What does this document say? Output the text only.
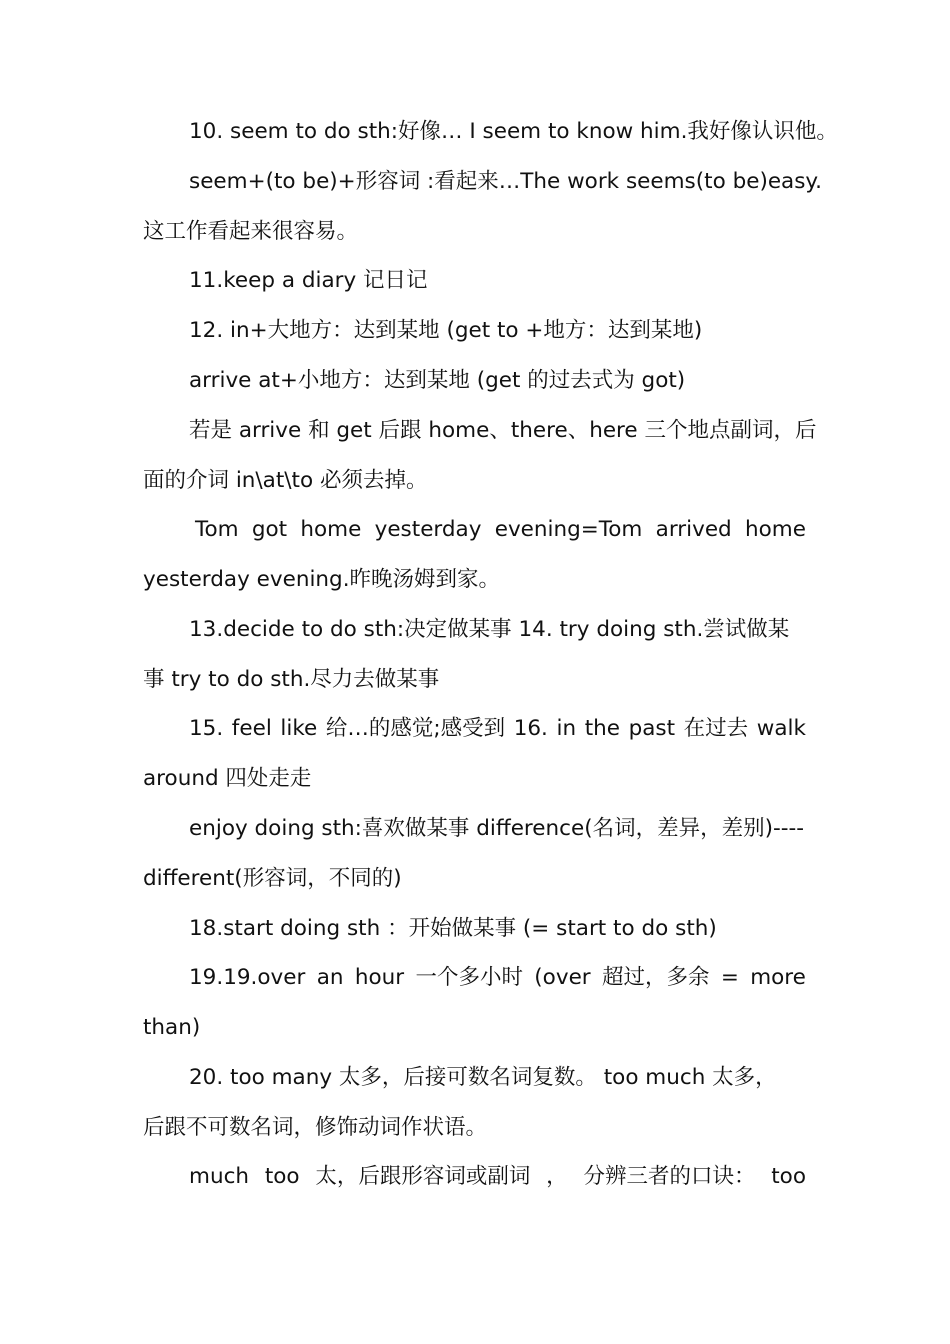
10. seem to do sth:好像… I seem to know him.我好像认识他。
seem+(to be)+形容词 :看起来…The work seems(to be)easy.
这工作看起来很容易。
11.keep a diary 记日记
12. in+大地方：达到某地 (get to +地方：达到某地)
arrive at+小地方：达到某地 (get 的过去式为 got)
若是 arrive 和 get 后跟 home、there、here 三个地点副词，后
面的介词 in\at\to 必须去掉。
Tom got home yesterday evening=Tom arrived home
yesterday evening.昨晚汤姆到家。
13.decide to do sth:决定做某事 14. try doing sth.尝试做某
事 try to do sth.尽力去做某事
15. feel like 给…的感觉;感受到 16. in the past 在过去 walk
around 四处走走
enjoy doing sth:喜欢做某事 difference(名词，差异，差别)----
different(形容词，不同的)
18.start doing sth ：开始做某事 (= start to do sth)
19.19.over an hour 一个多小时 (over 超过，多余 = more
than)
20. too many 太多，后接可数名词复数。 too much 太多，
后跟不可数名词，修饰动词作状语。
much too 太，后跟形容词或副词 ， 分辨三者的口诀： too
